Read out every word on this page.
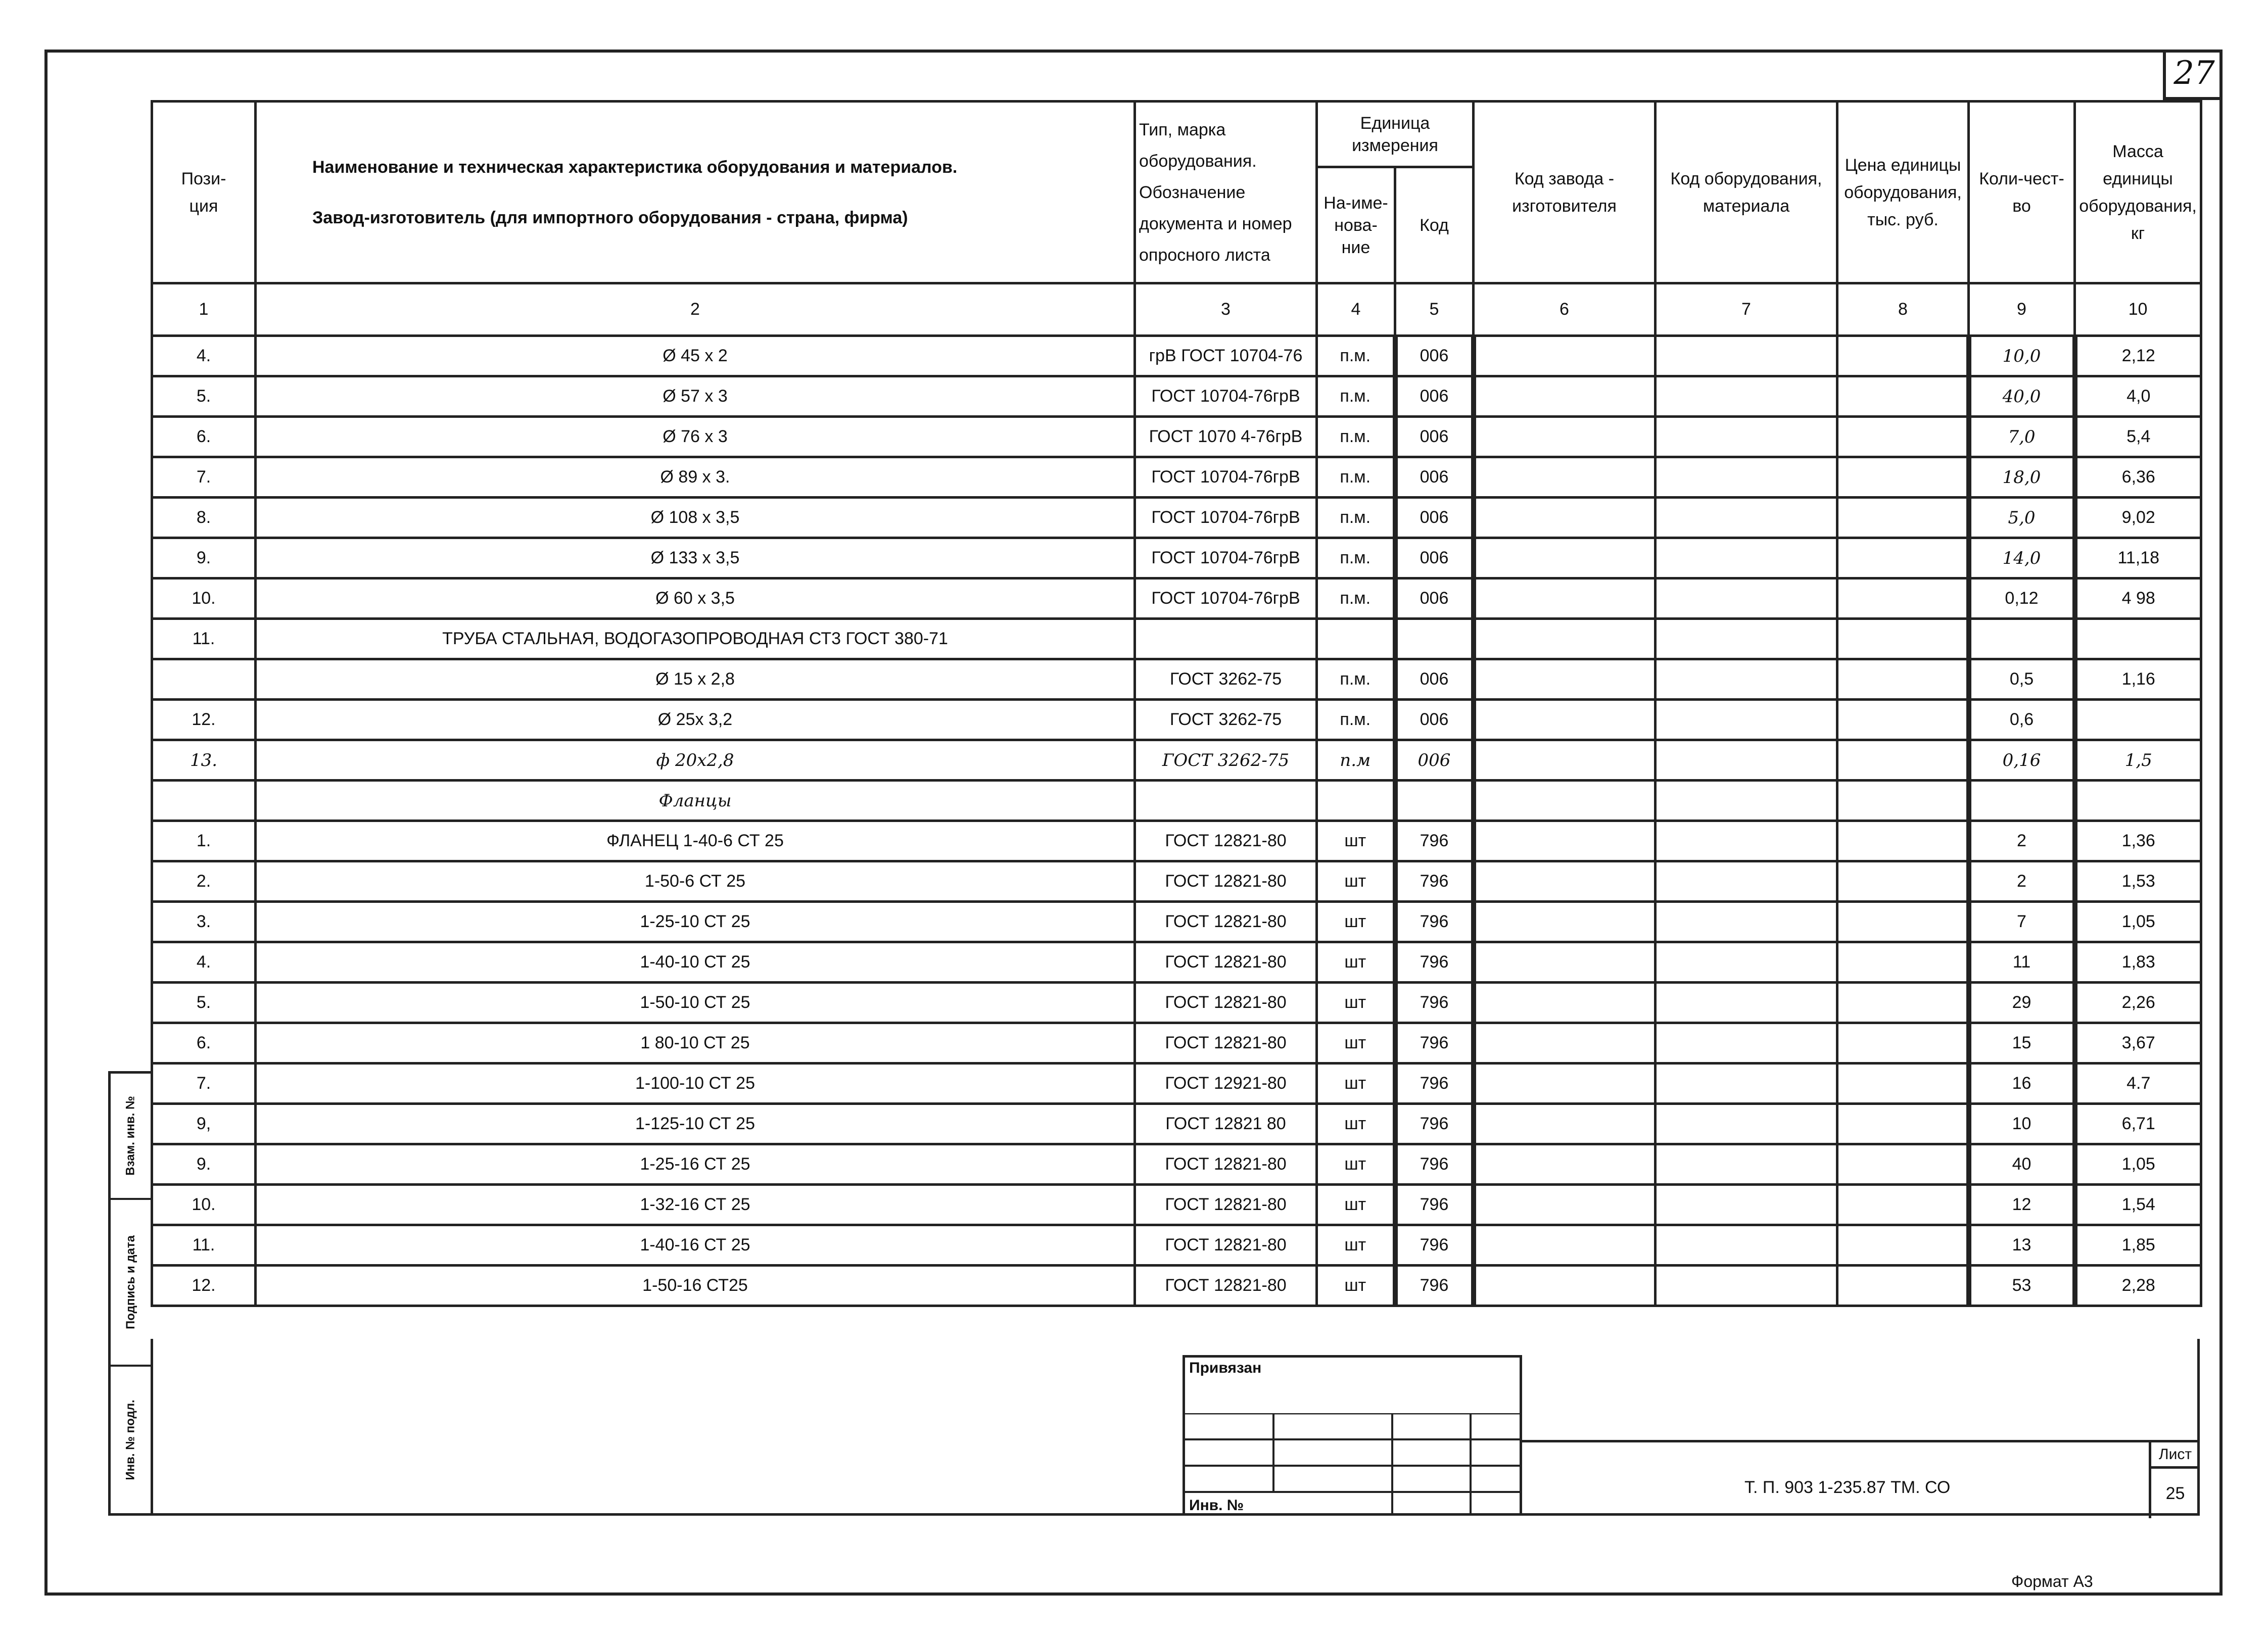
27
Пози-
ция	Наименование и техническая характеристика оборудования и материалов.
Завод-изготовитель (для импортного оборудования - страна, фирма)	Тип, марка оборудования. Обозначение документа и номер опросного листа	Единица измерения		Код завода - изготовителя	Код оборудования, материала	Цена единицы оборудования, тыс. руб.	Коли-чест-во	Масса единицы оборудования, кг
			На-име-нова-ние	Код					
1	2	3	4	5	6	7	8	9	10
4.	Ø 45 x 2	грВ ГОСТ 10704-76	п.м.	006				10,0	2,12
5.	Ø 57 x 3	ГОСТ 10704-76грВ	п.м.	006				40,0	4,0
6.	Ø 76 x 3	ГОСТ 1070 4-76грВ	п.м.	006				7,0	5,4
7.	Ø 89 x 3.	ГОСТ 10704-76грВ	п.м.	006				18,0	6,36
8.	Ø 108 x 3,5	ГОСТ 10704-76грВ	п.м.	006				5,0	9,02
9.	Ø 133 x 3,5	ГОСТ 10704-76грВ	п.м.	006				14,0	11,18
10.	Ø 60 x 3,5	ГОСТ 10704-76грВ	п.м.	006				0,12	4 98
11.	ТРУБА СТАЛЬНАЯ, ВОДОГАЗОПРОВОДНАЯ СТ3 ГОСТ 380-71								
	Ø 15 x 2,8	ГОСТ 3262-75	п.м.	006				0,5	1,16
12.	Ø 25x 3,2	ГОСТ 3262-75	п.м.	006				0,6	
13.	ф 20x2,8	ГОСТ 3262-75	п.м	006				0,16	1,5
	Фланцы								
1.	ФЛАНЕЦ 1-40-6 СТ 25	ГОСТ 12821-80	шт	796				2	1,36
2.	1-50-6 СТ 25	ГОСТ 12821-80	шт	796				2	1,53
3.	1-25-10 СТ 25	ГОСТ 12821-80	шт	796				7	1,05
4.	1-40-10 СТ 25	ГОСТ 12821-80	шт	796				11	1,83
5.	1-50-10 СТ 25	ГОСТ 12821-80	шт	796				29	2,26
6.	1 80-10 СТ 25	ГОСТ 12821-80	шт	796				15	3,67
7.	1-100-10 СТ 25	ГОСТ 12921-80	шт	796				16	4.7
9,	1-125-10 СТ 25	ГОСТ 12821 80	шт	796				10	6,71
9.	1-25-16 СТ 25	ГОСТ 12821-80	шт	796				40	1,05
10.	1-32-16 СТ 25	ГОСТ 12821-80	шт	796				12	1,54
11.	1-40-16 СТ 25	ГОСТ 12821-80	шт	796				13	1,85
12.	1-50-16 СТ25	ГОСТ 12821-80	шт	796				53	2,28
Взам. инв. №
Подпись и дата
Инв. № подл.
Привязан
Инв. №
Т. П. 903 1-235.87 ТМ. СО
Лист
25
Формат А3
